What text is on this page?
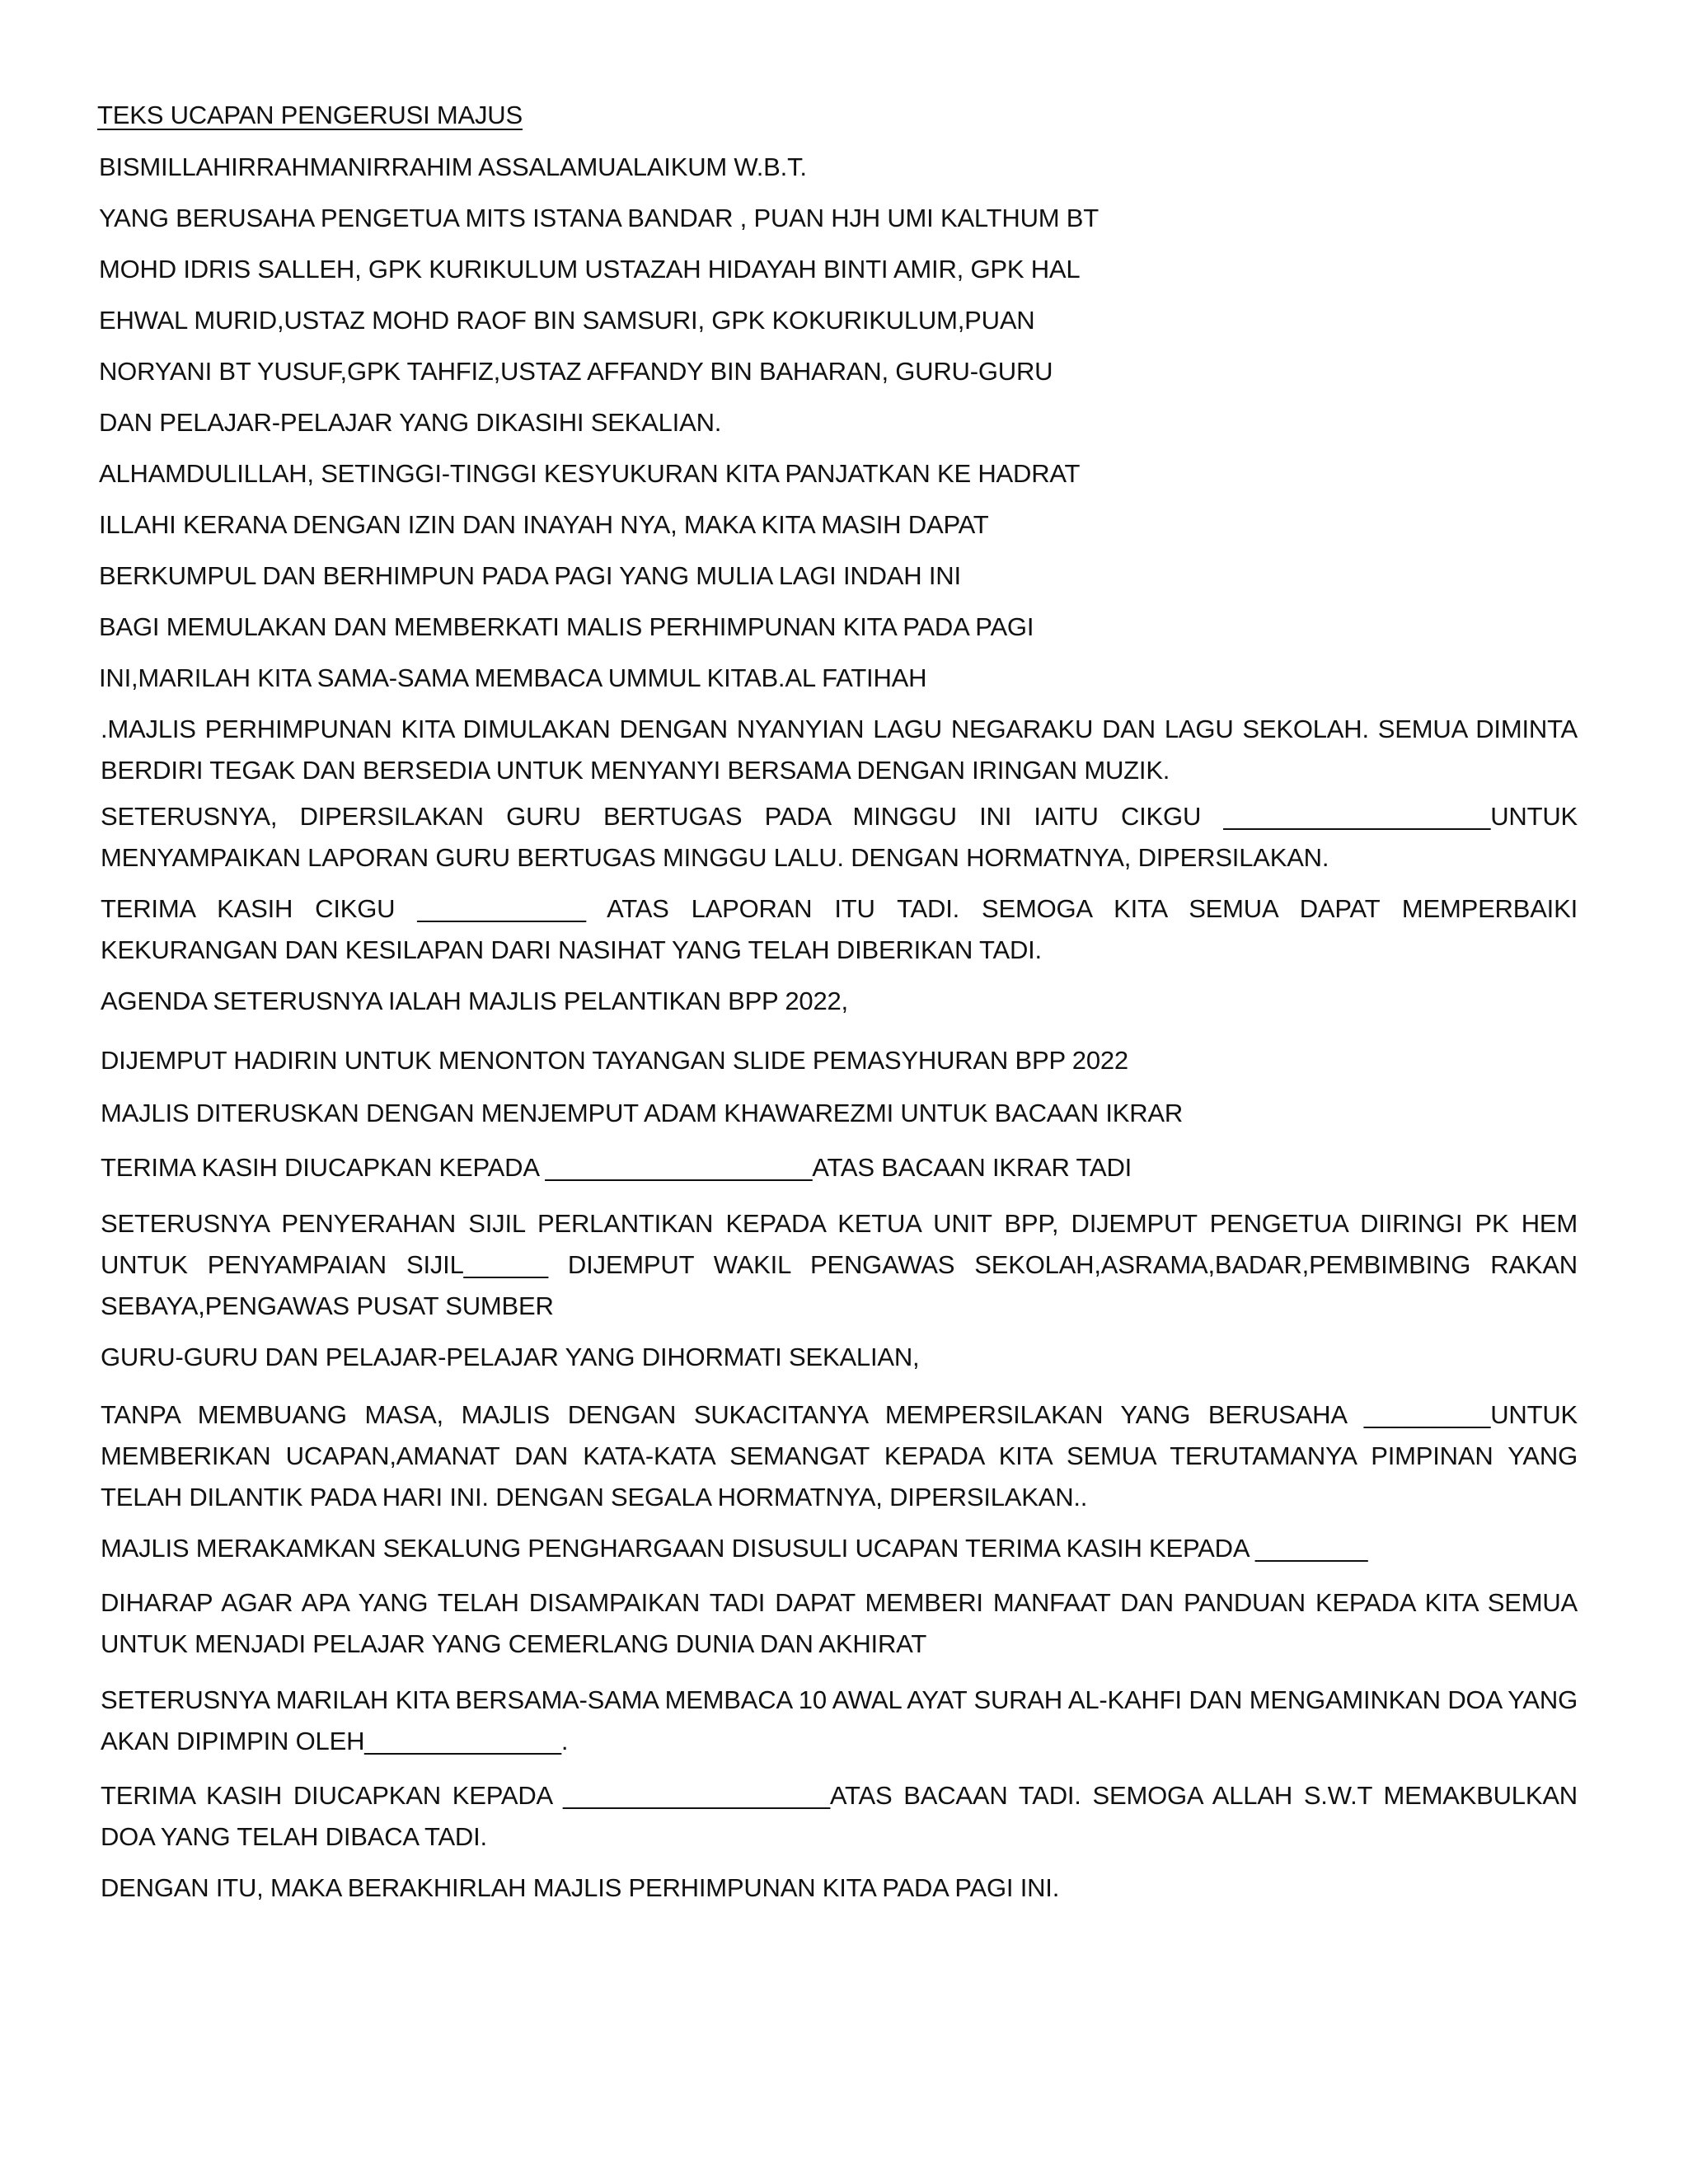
TEKS UCAPAN PENGERUSI MAJUS
BISMILLAHIRRAHMANIRRAHIM ASSALAMUALAIKUM W.B.T.
YANG BERUSAHA PENGETUA MITS ISTANA BANDAR , PUAN HJH UMI KALTHUM BT
MOHD IDRIS SALLEH, GPK KURIKULUM USTAZAH HIDAYAH BINTI AMIR, GPK HAL
EHWAL MURID,USTAZ MOHD RAOF BIN SAMSURI, GPK KOKURIKULUM,PUAN
NORYANI BT YUSUF,GPK TAHFIZ,USTAZ AFFANDY BIN BAHARAN, GURU-GURU
DAN PELAJAR-PELAJAR YANG DIKASIHI SEKALIAN.
ALHAMDULILLAH, SETINGGI-TINGGI KESYUKURAN KITA PANJATKAN KE HADRAT
ILLAHI KERANA DENGAN IZIN DAN INAYAH NYA, MAKA KITA MASIH DAPAT
BERKUMPUL DAN BERHIMPUN PADA PAGI YANG MULIA LAGI INDAH INI
BAGI MEMULAKAN DAN MEMBERKATI MALIS PERHIMPUNAN KITA PADA PAGI
INI,MARILAH KITA SAMA-SAMA MEMBACA UMMUL KITAB.AL FATIHAH
.MAJLIS PERHIMPUNAN KITA DIMULAKAN DENGAN NYANYIAN LAGU NEGARAKU DAN LAGU SEKOLAH. SEMUA DIMINTA BERDIRI TEGAK DAN BERSEDIA UNTUK MENYANYI BERSAMA DENGAN IRINGAN MUZIK.
SETERUSNYA, DIPERSILAKAN GURU BERTUGAS PADA MINGGU INI IAITU CIKGU ___________________UNTUK MENYAMPAIKAN LAPORAN GURU BERTUGAS MINGGU LALU. DENGAN HORMATNYA, DIPERSILAKAN.
TERIMA KASIH CIKGU ____________ ATAS LAPORAN ITU TADI. SEMOGA KITA SEMUA DAPAT MEMPERBAIKI KEKURANGAN DAN KESILAPAN DARI NASIHAT YANG TELAH DIBERIKAN TADI.
AGENDA SETERUSNYA IALAH MAJLIS PELANTIKAN BPP 2022,
DIJEMPUT HADIRIN UNTUK MENONTON TAYANGAN SLIDE PEMASYHURAN BPP 2022
MAJLIS DITERUSKAN DENGAN MENJEMPUT ADAM KHAWAREZMI UNTUK BACAAN IKRAR
TERIMA KASIH DIUCAPKAN KEPADA ___________________ATAS BACAAN IKRAR TADI
SETERUSNYA PENYERAHAN SIJIL PERLANTIKAN KEPADA KETUA UNIT BPP, DIJEMPUT PENGETUA DIIRINGI PK HEM UNTUK PENYAMPAIAN SIJIL______ DIJEMPUT WAKIL PENGAWAS SEKOLAH,ASRAMA,BADAR,PEMBIMBING RAKAN SEBAYA,PENGAWAS PUSAT SUMBER
GURU-GURU DAN PELAJAR-PELAJAR YANG DIHORMATI SEKALIAN,
TANPA MEMBUANG MASA, MAJLIS DENGAN SUKACITANYA MEMPERSILAKAN YANG BERUSAHA _________UNTUK MEMBERIKAN UCAPAN,AMANAT DAN KATA-KATA SEMANGAT KEPADA KITA SEMUA TERUTAMANYA PIMPINAN YANG TELAH DILANTIK PADA HARI INI. DENGAN SEGALA HORMATNYA, DIPERSILAKAN..
MAJLIS MERAKAMKAN SEKALUNG PENGHARGAAN DISUSULI UCAPAN TERIMA KASIH KEPADA ________
DIHARAP AGAR APA YANG TELAH DISAMPAIKAN TADI DAPAT MEMBERI MANFAAT DAN PANDUAN KEPADA KITA SEMUA UNTUK MENJADI PELAJAR YANG CEMERLANG DUNIA DAN AKHIRAT
SETERUSNYA MARILAH KITA BERSAMA-SAMA MEMBACA 10 AWAL AYAT SURAH AL-KAHFI DAN MENGAMINKAN DOA YANG AKAN DIPIMPIN OLEH______________.
TERIMA KASIH DIUCAPKAN KEPADA ___________________ATAS BACAAN TADI. SEMOGA ALLAH S.W.T MEMAKBULKAN DOA YANG TELAH DIBACA TADI.
DENGAN ITU, MAKA BERAKHIRLAH MAJLIS PERHIMPUNAN KITA PADA PAGI INI.
